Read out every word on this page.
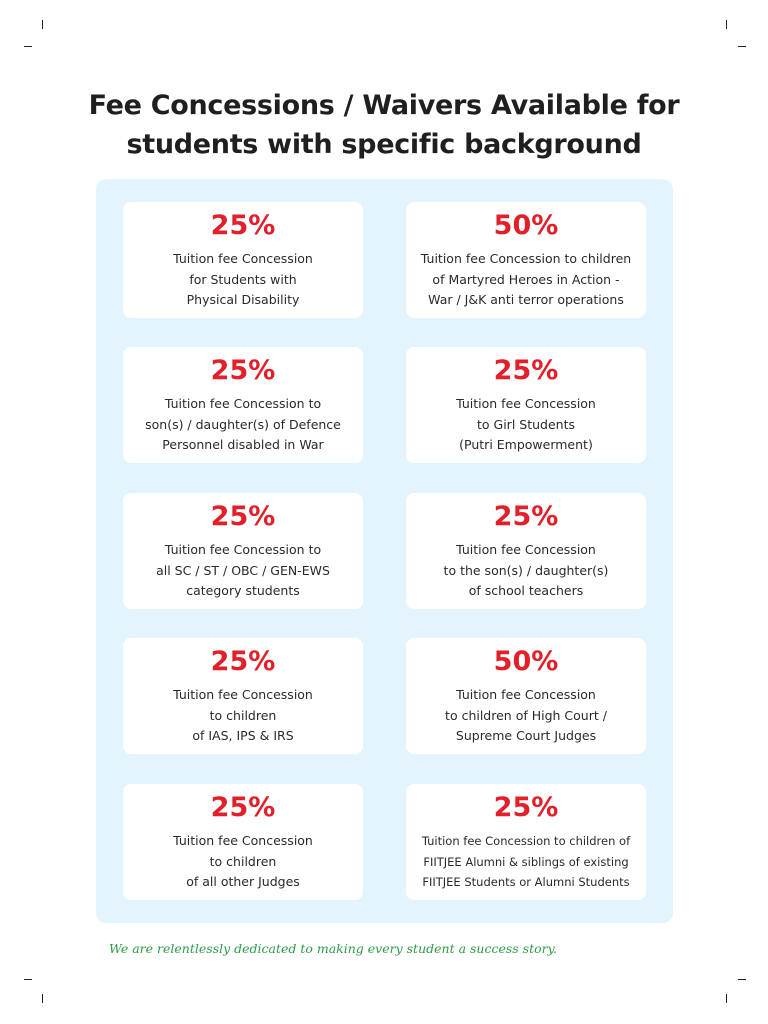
Fee Concessions / Waivers Available for
students with specific background
25%
Tuition fee Concession
for Students with
Physical Disability
50%
Tuition fee Concession to children
of Martyred Heroes in Action -
War / J&K anti terror operations
25%
Tuition fee Concession to
son(s) / daughter(s) of Defence
Personnel disabled in War
25%
Tuition fee Concession
to Girl Students
(Putri Empowerment)
25%
Tuition fee Concession to
all SC / ST / OBC / GEN-EWS
category students
25%
Tuition fee Concession
to the son(s) / daughter(s)
of school teachers
25%
Tuition fee Concession
to children
of IAS, IPS & IRS
50%
Tuition fee Concession
to children of High Court /
Supreme Court Judges
25%
Tuition fee Concession
to children
of all other Judges
25%
Tuition fee Concession to children of
FIITJEE Alumni & siblings of existing
FIITJEE Students or Alumni Students
We are relentlessly dedicated to making every student a success story.
